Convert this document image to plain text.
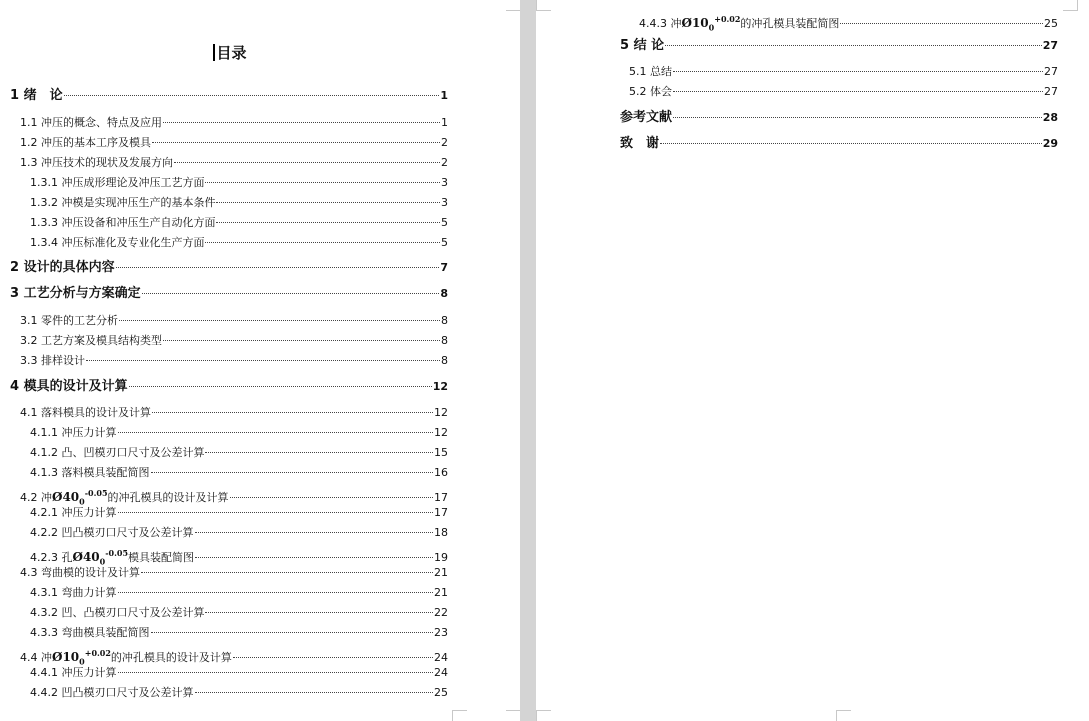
目录
1 绪　论	1
1.1 冲压的概念、特点及应用	1
1.2 冲压的基本工序及模具	2
1.3 冲压技术的现状及发展方向	2
1.3.1 冲压成形理论及冲压工艺方面	3
1.3.2 冲模是实现冲压生产的基本条件	3
1.3.3 冲压设备和冲压生产自动化方面	5
1.3.4 冲压标准化及专业化生产方面	5
2 设计的具体内容	7
3 工艺分析与方案确定	8
3.1 零件的工艺分析	8
3.2 工艺方案及模具结构类型	8
3.3 排样设计	8
4 模具的设计及计算	12
4.1 落料模具的设计及计算	12
4.1.1 冲压力计算	12
4.1.2 凸、凹模刃口尺寸及公差计算	15
4.1.3 落料模具装配简图	16
4.2 冲$Ø40_0^{-0.05}$的冲孔模具的设计及计算	17
4.2.1 冲压力计算	17
4.2.2 凹凸模刃口尺寸及公差计算	18
4.2.3 孔$Ø40_0^{-0.05}$模具装配简图	19
4.3 弯曲模的设计及计算	21
4.3.1 弯曲力计算	21
4.3.2 凹、凸模刃口尺寸及公差计算	22
4.3.3 弯曲模具装配简图	23
4.4 冲$Ø10_0^{+0.02}$的冲孔模具的设计及计算	24
4.4.1 冲压力计算	24
4.4.2 凹凸模刃口尺寸及公差计算	25
4.4.3 冲$Ø10_0^{+0.02}$的冲孔模具装配简图	25
5 结 论	27
5.1 总结	27
5.2 体会	27
参考文献	28
致　谢	29
